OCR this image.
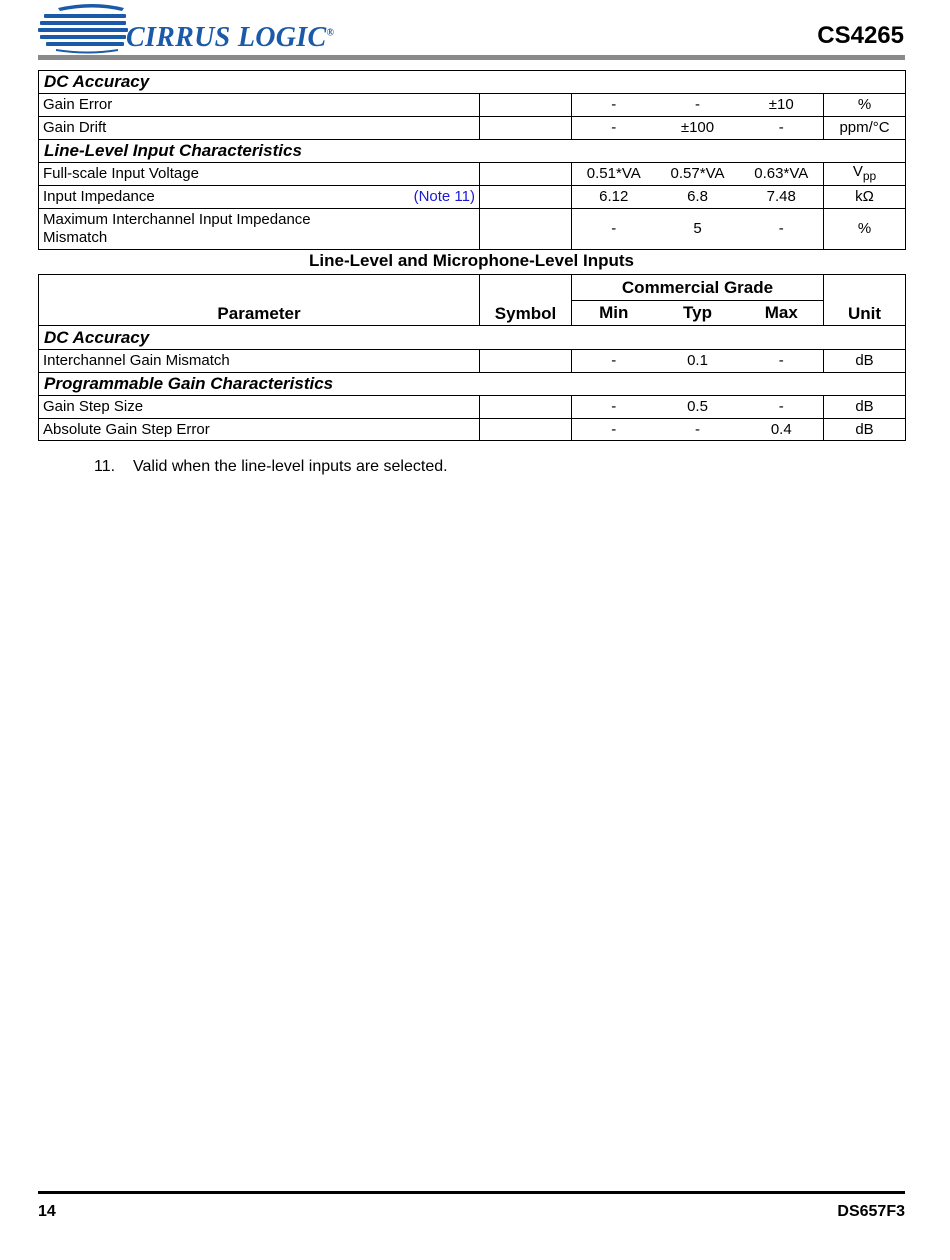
CIRRUS LOGIC®	CS4265
DC Accuracy					
Gain Error		-	-	±10	%
Gain Drift		-	±100	-	ppm/°C
Line-Level Input Characteristics					
Full-scale Input Voltage		0.51*VA	0.57*VA	0.63*VA	$V_{pp}$
Input Impedance (Note 11)		6.12	6.8	7.48	kΩ

Maximum Interchannel Input Impedance
Mismatch		-	5	-	%
Line-Level and Microphone-Level Inputs
Parameter	Symbol	Commercial Grade			Unit
		Min	Typ	Max	
DC Accuracy					
Interchannel Gain Mismatch		-	0.1	-	dB
Programmable Gain Characteristics					
Gain Step Size		-	0.5	-	dB
Absolute Gain Step Error		-	-	0.4	dB
11. Valid when the line-level inputs are selected.
14	DS657F3
